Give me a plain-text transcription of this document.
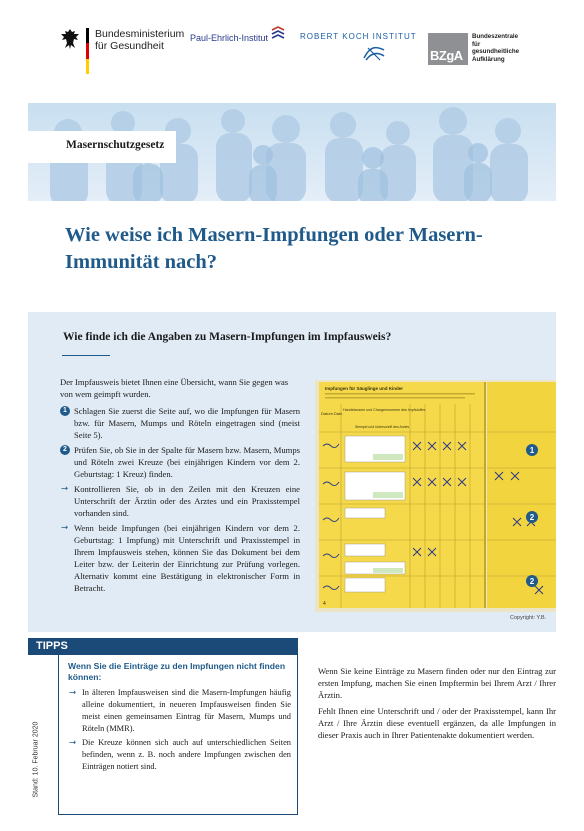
Bundesministerium
für Gesundheit
Paul-Ehrlich-Institut	ROBERT KOCH INSTITUT
BZgA
Bundeszentrale
für
gesundheitliche
Aufklärung
Masernschutzgesetz
Wie weise ich Masern-Impfungen oder Masern-Immunität nach?
Wie finde ich die Angaben zu Masern-Impfungen im Impfausweis?

Der Impfausweis bietet Ihnen eine Übersicht, wann Sie gegen was von wem geimpft wurden.

1 Schlagen Sie zuerst die Seite auf, wo die Impfungen für Masern bzw. für Masern, Mumps und Röteln eingetragen sind (meist Seite 5).
2 Prüfen Sie, ob Sie in der Spalte für Masern bzw. Masern, Mumps und Röteln zwei Kreuze (bei einjährigen Kindern vor dem 2. Geburtstag: 1 Kreuz) finden.
→ Kontrollieren Sie, ob in den Zeilen mit den Kreuzen eine Unterschrift der Ärztin oder des Arztes und ein Praxisstempel vorhanden sind.
→ Wenn beide Impfungen (bei einjährigen Kindern vor dem 2. Geburtstag: 1 Impfung) mit Unterschrift und Praxisstempel in Ihrem Impfausweis stehen, können Sie das Dokument bei dem Leiter bzw. der Leiterin der Einrichtung zur Prüfung vorlegen. Alternativ kommt eine Bestätigung in elektronischer Form in Betracht.
Impfungen für Säuglinge und Kinder
Datum Date
Handelsname und Chargennummer des Impfstoffes
Stempel und Unterschrift des Arztes
1
2
2
4
Copyright: Y.B.
TIPPS
Wenn Sie die Einträge zu den Impfungen nicht finden können:
→ In älteren Impfausweisen sind die Masern-Impfungen häufig alleine dokumentiert, in neueren Impfausweisen finden Sie meist einen gemeinsamen Eintrag für Masern, Mumps und Röteln (MMR).
→ Die Kreuze können sich auch auf unterschiedlichen Seiten befinden, wenn z. B. noch andere Impfungen zwischen den Einträgen notiert sind.
Stand: 10. Februar 2020

Wenn Sie keine Einträge zu Masern finden oder nur den Eintrag zur ersten Impfung, machen Sie einen Impftermin bei Ihrem Arzt / Ihrer Ärztin.

Fehlt Ihnen eine Unterschrift und / oder der Praxisstempel, kann Ihr Arzt / Ihre Ärztin diese eventuell ergänzen, da alle Impfungen in dieser Praxis auch in Ihrer Patientenakte dokumentiert werden.
